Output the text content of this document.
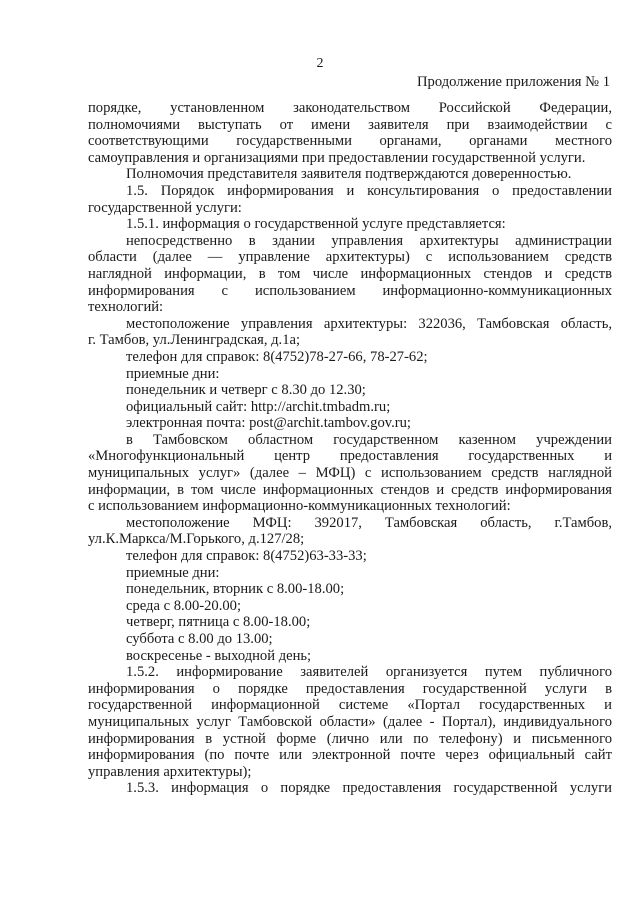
2
Продолжение приложения № 1
порядке, установленном законодательством Российской Федерации,
полномочиями выступать от имени заявителя при взаимодействии с
соответствующими государственными органами, органами местного
самоуправления и организациями при предоставлении государственной услуги.
Полномочия представителя заявителя подтверждаются доверенностью.
1.5. Порядок информирования и консультирования о предоставлении
государственной услуги:
1.5.1. информация о государственной услуге представляется:
непосредственно в здании управления архитектуры администрации
области (далее — управление архитектуры) с использованием средств
наглядной информации, в том числе информационных стендов и средств
информирования с использованием информационно-коммуникационных
технологий:
местоположение управления архитектуры: 322036, Тамбовская область,
г. Тамбов, ул.Ленинградская, д.1а;
телефон для справок: 8(4752)78-27-66, 78-27-62;
приемные дни:
понедельник и четверг с 8.30 до 12.30;
официальный сайт: http://archit.tmbadm.ru;
электронная почта: post@archit.tambov.gov.ru;
в Тамбовском областном государственном казенном учреждении
«Многофункциональный центр предоставления государственных и
муниципальных услуг» (далее – МФЦ) с использованием средств наглядной
информации, в том числе информационных стендов и средств информирования
с использованием информационно-коммуникационных технологий:
местоположение МФЦ: 392017, Тамбовская область, г.Тамбов,
ул.К.Маркса/М.Горького, д.127/28;
телефон для справок: 8(4752)63-33-33;
приемные дни:
понедельник, вторник с 8.00-18.00;
среда с 8.00-20.00;
четверг, пятница с 8.00-18.00;
суббота с 8.00 до 13.00;
воскресенье - выходной день;
1.5.2. информирование заявителей организуется путем публичного
информирования о порядке предоставления государственной услуги в
государственной информационной системе «Портал государственных и
муниципальных услуг Тамбовской области» (далее - Портал), индивидуального
информирования в устной форме (лично или по телефону) и письменного
информирования (по почте или электронной почте через официальный сайт
управления архитектуры);
1.5.3. информация о порядке предоставления государственной услуги
